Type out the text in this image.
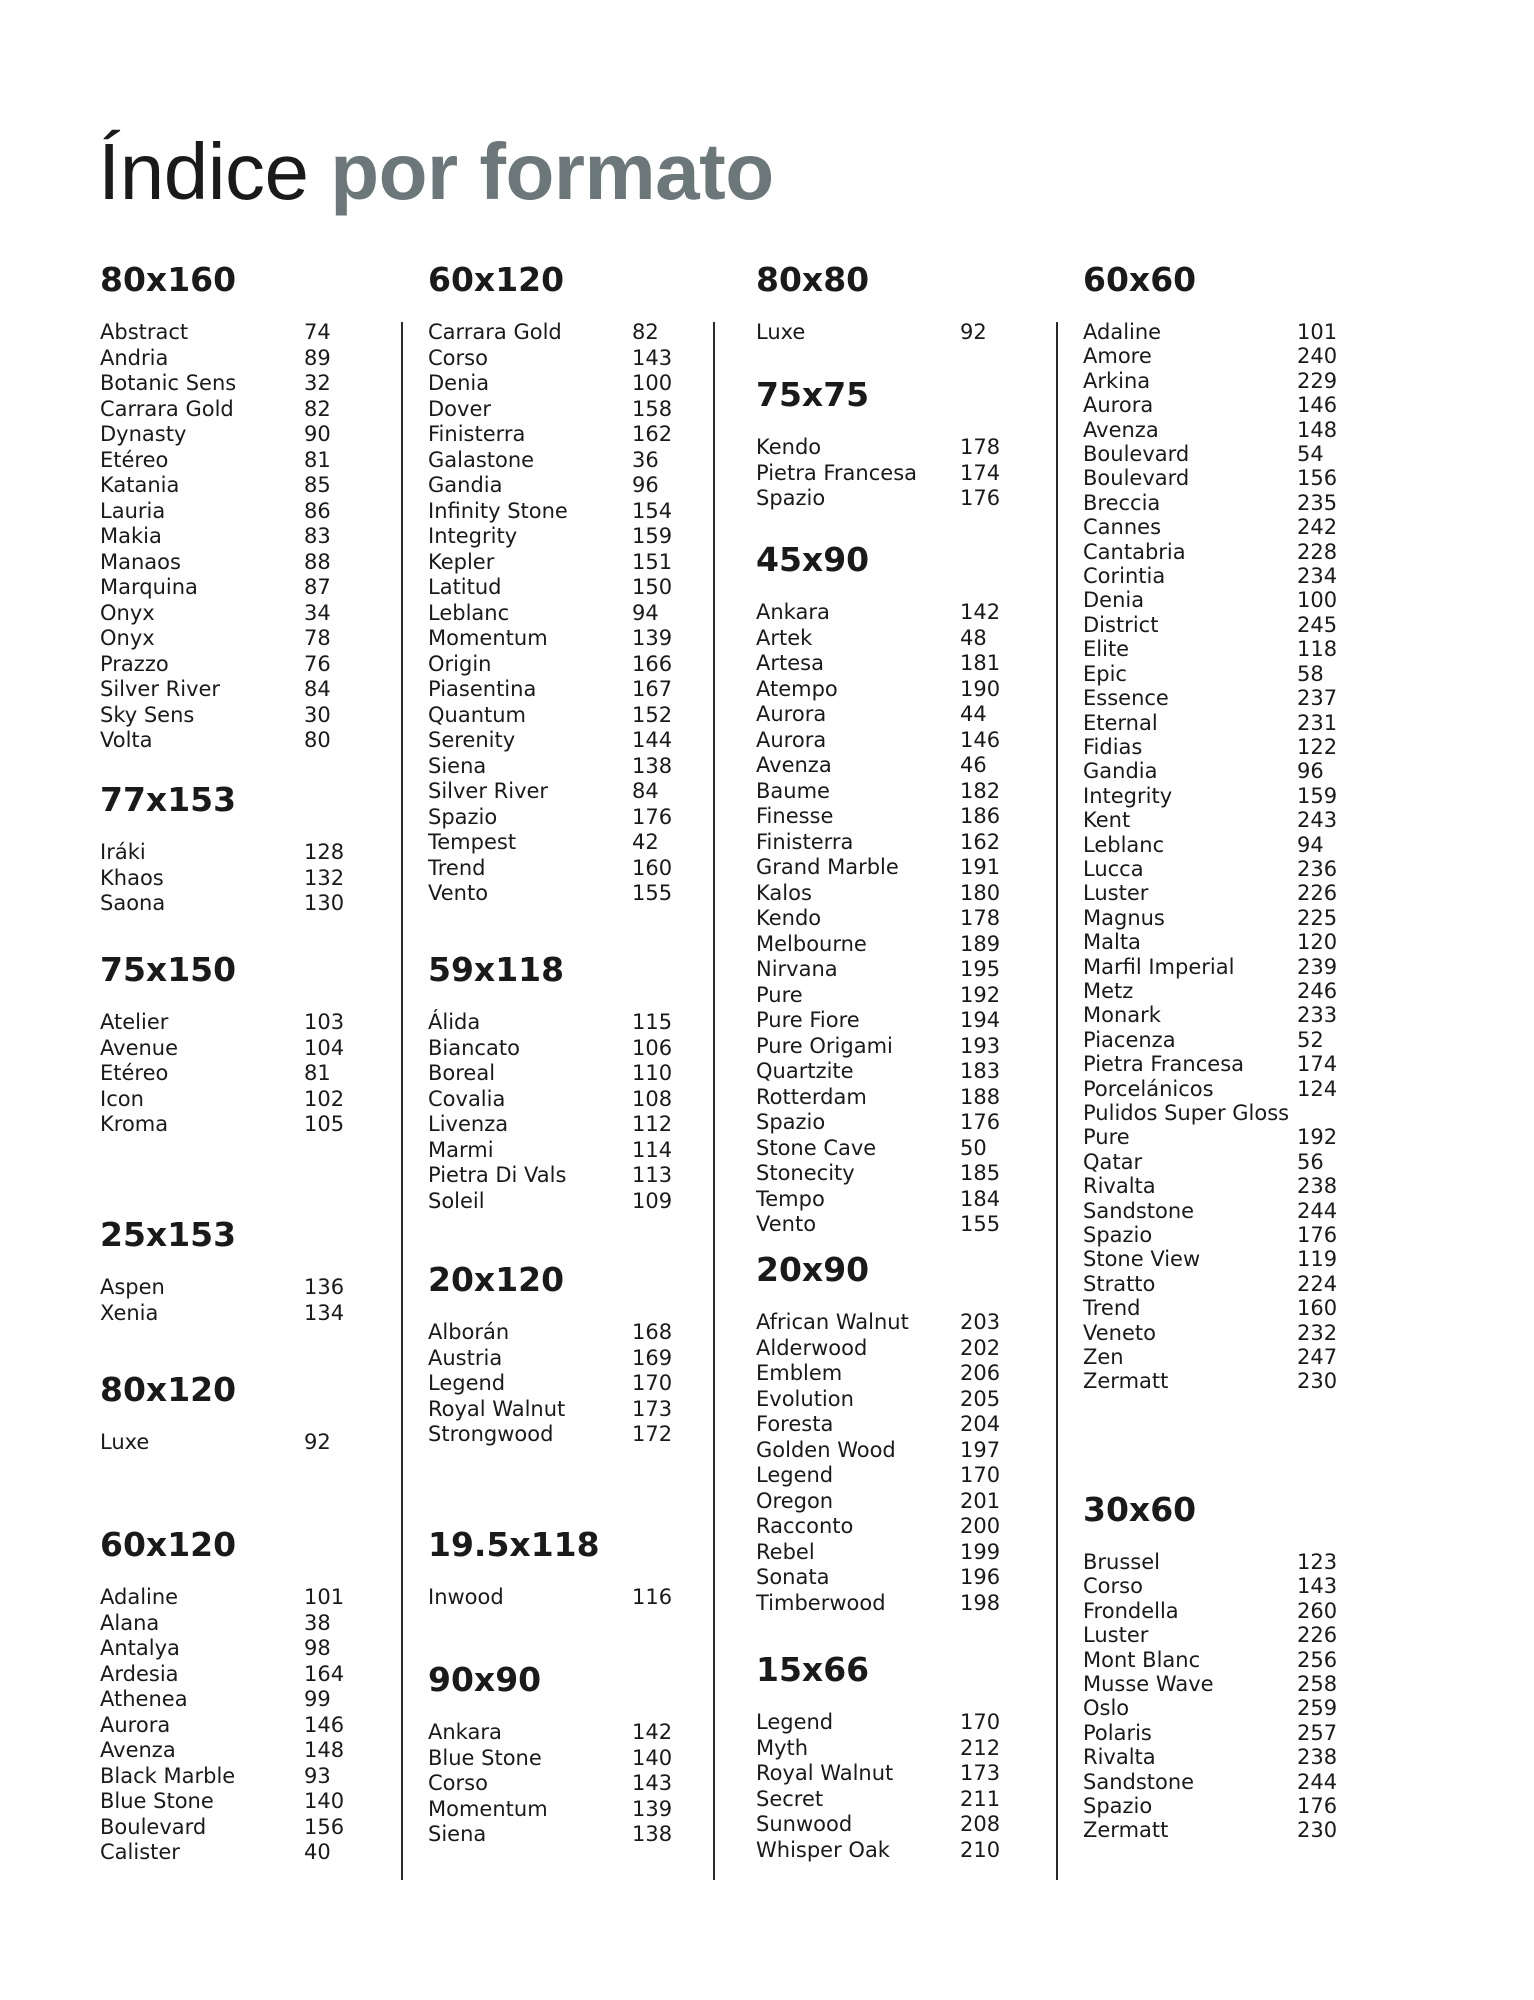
Índice por formato
80x160
Abstract	74
Andria	89
Botanic Sens	32
Carrara Gold	82
Dynasty	90
Etéreo	81
Katania	85
Lauria	86
Makia	83
Manaos	88
Marquina	87
Onyx	34
Onyx	78
Prazzo	76
Silver River	84
Sky Sens	30
Volta	80
77x153
Iráki	128
Khaos	132
Saona	130
75x150
Atelier	103
Avenue	104
Etéreo	81
Icon	102
Kroma	105
25x153
Aspen	136
Xenia	134
80x120
Luxe	92
60x120
Adaline	101
Alana	38
Antalya	98
Ardesia	164
Athenea	99
Aurora	146
Avenza	148
Black Marble	93
Blue Stone	140
Boulevard	156
Calister	40
60x120
Carrara Gold	82
Corso	143
Denia	100
Dover	158
Finisterra	162
Galastone	36
Gandia	96
Infinity Stone	154
Integrity	159
Kepler	151
Latitud	150
Leblanc	94
Momentum	139
Origin	166
Piasentina	167
Quantum	152
Serenity	144
Siena	138
Silver River	84
Spazio	176
Tempest	42
Trend	160
Vento	155
59x118
Álida	115
Biancato	106
Boreal	110
Covalia	108
Livenza	112
Marmi	114
Pietra Di Vals	113
Soleil	109
20x120
Alborán	168
Austria	169
Legend	170
Royal Walnut	173
Strongwood	172
19.5x118
Inwood	116
90x90
Ankara	142
Blue Stone	140
Corso	143
Momentum	139
Siena	138
80x80
Luxe	92
75x75
Kendo	178
Pietra Francesa 174
Spazio	176
45x90
Ankara	142
Artek	48
Artesa	181
Atempo	190
Aurora	44
Aurora	146
Avenza	46
Baume	182
Finesse	186
Finisterra	162
Grand Marble	191
Kalos	180
Kendo	178
Melbourne	189
Nirvana	195
Pure	192
Pure Fiore	194
Pure Origami	193
Quartzite	183
Rotterdam	188
Spazio	176
Stone Cave	50
Stonecity	185
Tempo	184
Vento	155
20x90
African Walnut 203
Alderwood	202
Emblem	206
Evolution	205
Foresta	204
Golden Wood	197
Legend	170
Oregon	201
Racconto	200
Rebel	199
Sonata	196
Timberwood	198
15x66
Legend	170
Myth	212
Royal Walnut	173
Secret	211
Sunwood	208
Whisper Oak	210
60x60
Adaline	101
Amore	240
Arkina	229
Aurora	146
Avenza	148
Boulevard	54
Boulevard	156
Breccia	235
Cannes	242
Cantabria	228
Corintia	234
Denia	100
District	245
Elite	118
Epic	58
Essence	237
Eternal	231
Fidias	122
Gandia	96
Integrity	159
Kent	243
Leblanc	94
Lucca	236
Luster	226
Magnus	225
Malta	120
Marfil Imperial	239
Metz	246
Monark	233
Piacenza	52
Pietra Francesa	174
Porcelánicos	124
Pulidos Super Gloss
Pure	192
Qatar	56
Rivalta	238
Sandstone	244
Spazio	176
Stone View	119
Stratto	224
Trend	160
Veneto	232
Zen	247
Zermatt	230
30x60
Brussel	123
Corso	143
Frondella	260
Luster	226
Mont Blanc	256
Musse Wave	258
Oslo	259
Polaris	257
Rivalta	238
Sandstone	244
Spazio	176
Zermatt	230
